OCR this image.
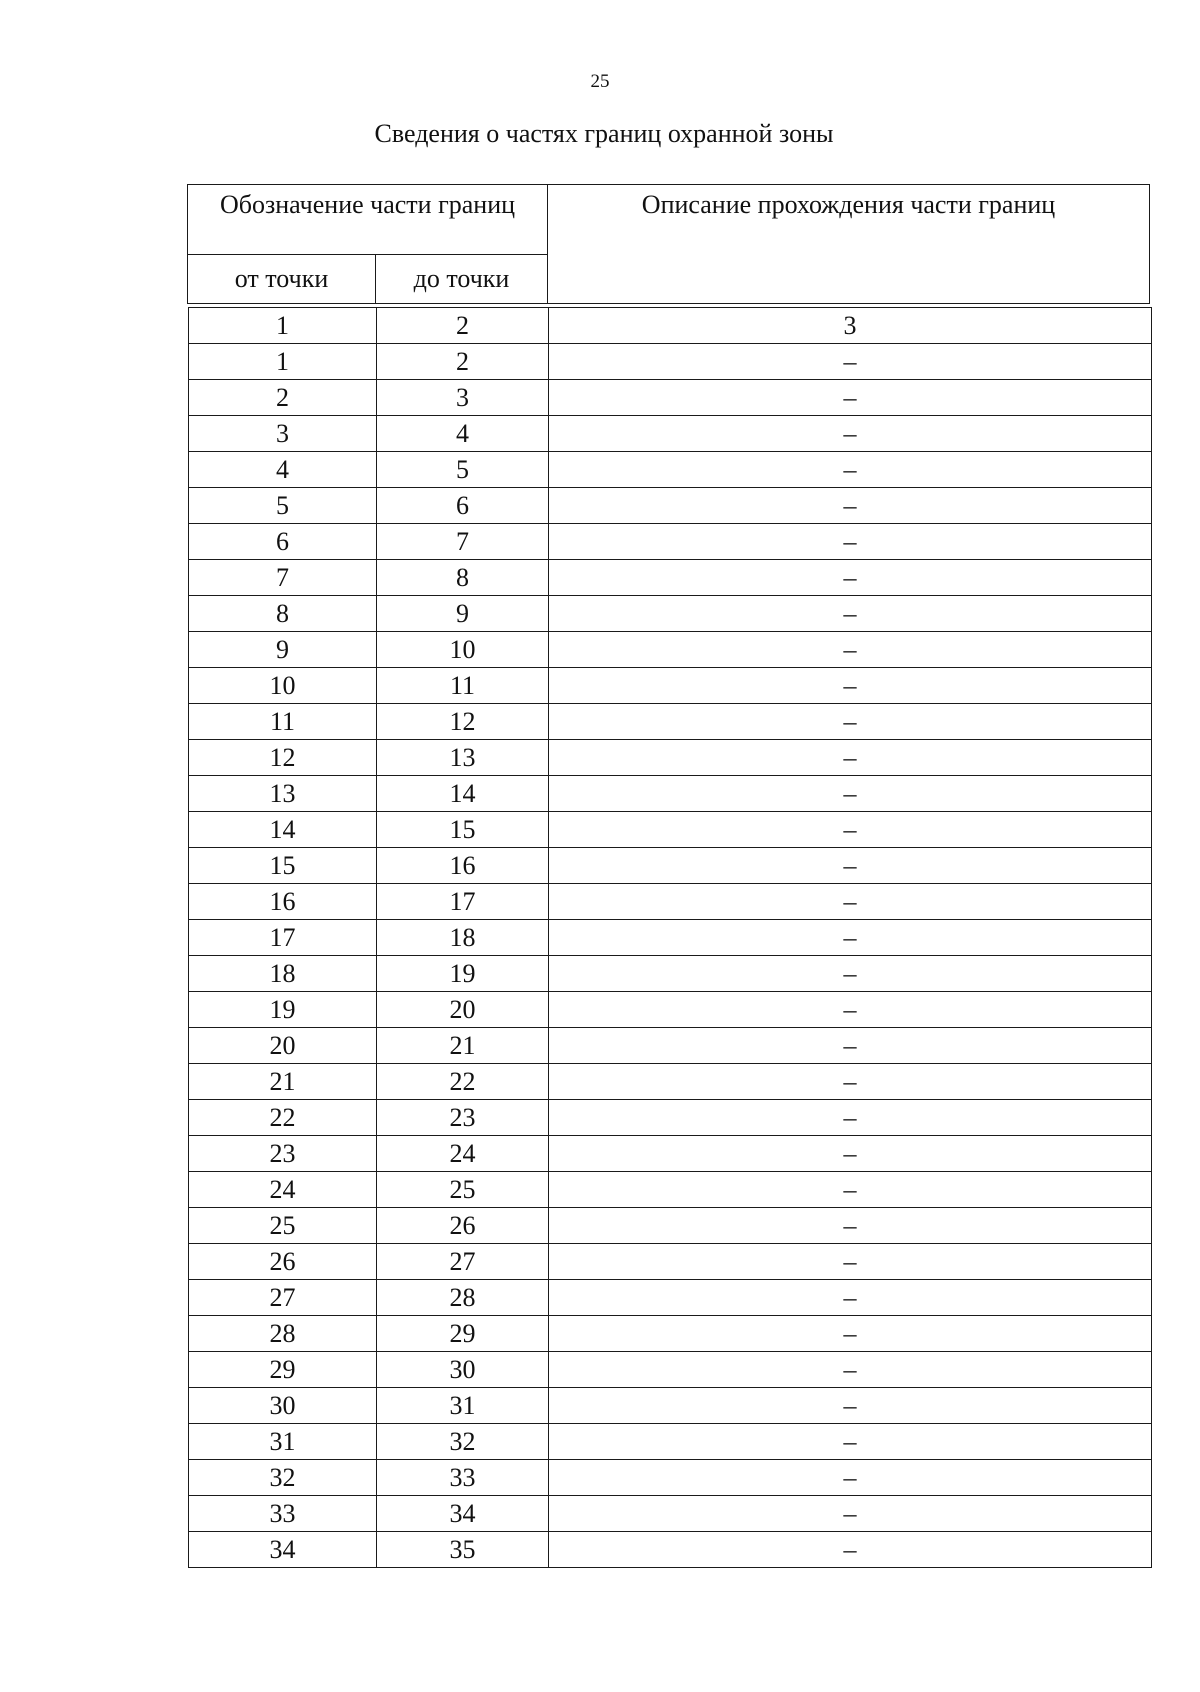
25
Сведения о частях границ охранной зоны
Обозначение части границ		Описание прохождения части границ
от точки	до точки	
1	2	3
1	2	–
2	3	–
3	4	–
4	5	–
5	6	–
6	7	–
7	8	–
8	9	–
9	10	–
10	11	–
11	12	–
12	13	–
13	14	–
14	15	–
15	16	–
16	17	–
17	18	–
18	19	–
19	20	–
20	21	–
21	22	–
22	23	–
23	24	–
24	25	–
25	26	–
26	27	–
27	28	–
28	29	–
29	30	–
30	31	–
31	32	–
32	33	–
33	34	–
34	35	–
